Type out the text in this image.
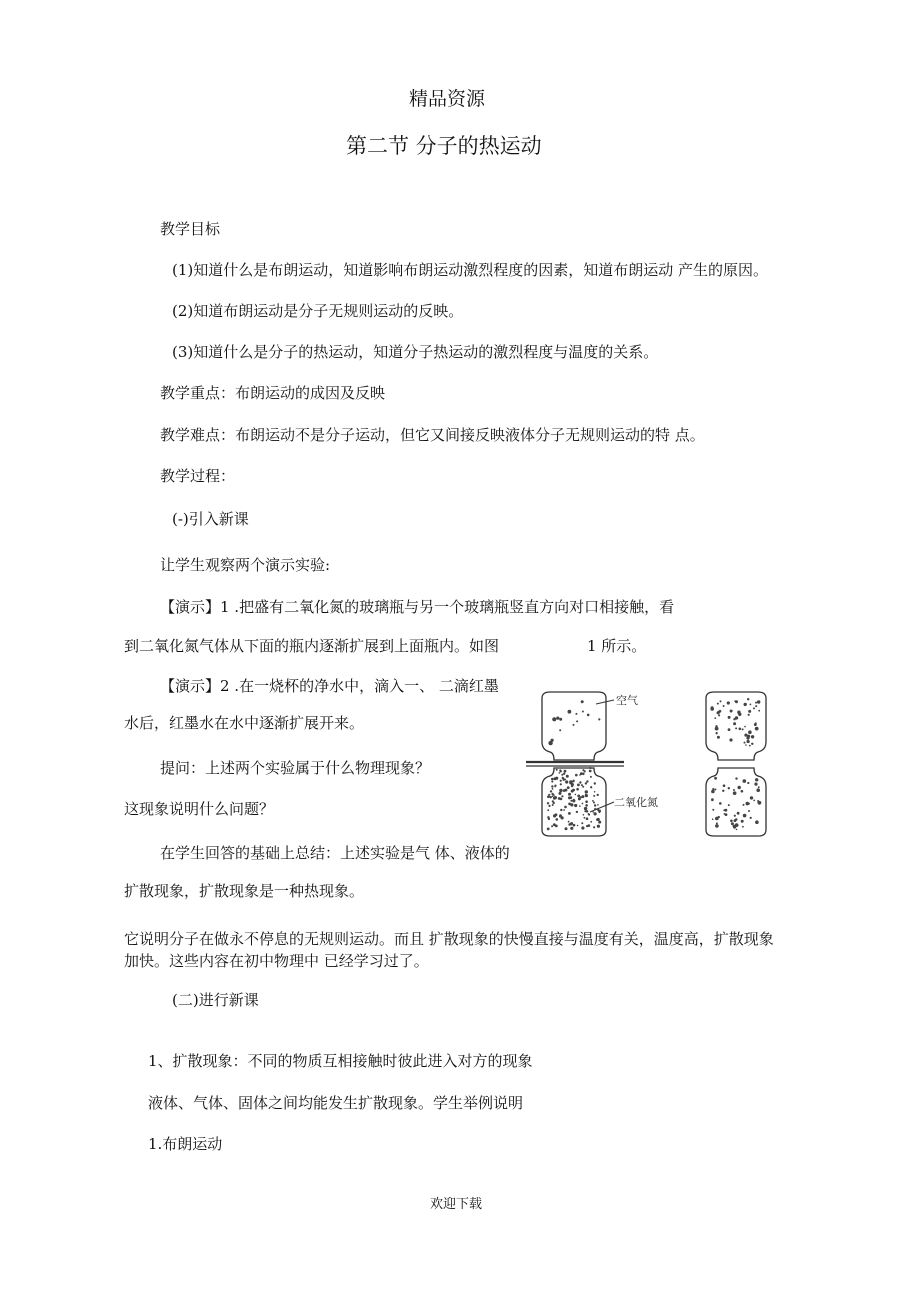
精品资源
第二节 分子的热运动
教学目标
(1)知道什么是布朗运动，知道影响布朗运动激烈程度的因素，知道布朗运动 产生的原因。
(2)知道布朗运动是分子无规则运动的反映。
(3)知道什么是分子的热运动，知道分子热运动的激烈程度与温度的关系。
教学重点：布朗运动的成因及反映
教学难点：布朗运动不是分子运动，但它又间接反映液体分子无规则运动的特 点。
教学过程：
(-)引入新课
让学生观察两个演示实验:
【演示】1 .把盛有二氧化氮的玻璃瓶与另一个玻璃瓶竖直方向对口相接触，看
到二氧化氮气体从下面的瓶内逐渐扩展到上面瓶内。如图	1 所示。
【演示】2 .在一烧杯的净水中，滴入一、 二滴红墨
水后，红墨水在水中逐渐扩展开来。
提问：上述两个实验属于什么物理现象？
这现象说明什么问题？
在学生回答的基础上总结：上述实验是气 体、液体的
扩散现象，扩散现象是一种热现象。
它说明分子在做永不停息的无规则运动。而且 扩散现象的快慢直接与温度有关，温度高，扩散现象
加快。这些内容在初中物理中 已经学习过了。
(二)进行新课
1、扩散现象：不同的物质互相接触时彼此进入对方的现象
液体、气体、固体之间均能发生扩散现象。学生举例说明
1.布朗运动
欢迎下载
空气
二氧化氮
